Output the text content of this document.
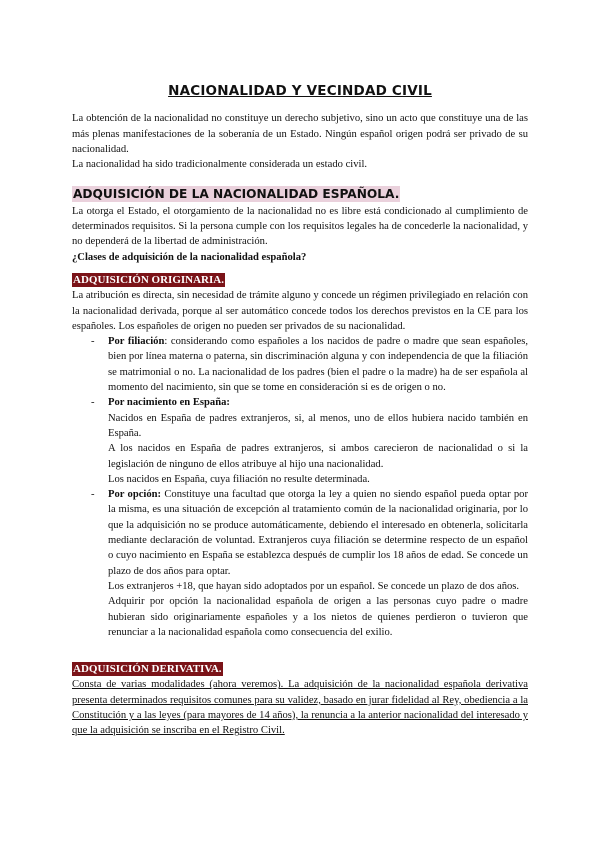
NACIONALIDAD Y VECINDAD CIVIL

La obtención de la nacionalidad no constituye un derecho subjetivo, sino un acto que constituye una de las más plenas manifestaciones de la soberanía de un Estado. Ningún español origen podrá ser privado de su nacionalidad.

La nacionalidad ha sido tradicionalmente considerada un estado civil.

ADQUISICIÓN DE LA NACIONALIDAD ESPAÑOLA.

La otorga el Estado, el otorgamiento de la nacionalidad no es libre está condicionado al cumplimiento de determinados requisitos. Si la persona cumple con los requisitos legales ha de concederle la nacionalidad, y no dependerá de la libertad de administración.

¿Clases de adquisición de la nacionalidad española?

ADQUISICIÓN ORIGINARIA.

La atribución es directa, sin necesidad de trámite alguno y concede un régimen privilegiado en relación con la nacionalidad derivada, porque al ser automático concede todos los derechos previstos en la CE para los españoles. Los españoles de origen no pueden ser privados de su nacionalidad.

- Por filiación: considerando como españoles a los nacidos de padre o madre que sean españoles, bien por línea materna o paterna, sin discriminación alguna y con independencia de que la filiación se matrimonial o no. La nacionalidad de los padres (bien el padre o la madre) ha de ser española al momento del nacimiento, sin que se tome en consideración si es de origen o no.

- Por nacimiento en España:

Nacidos en España de padres extranjeros, si, al menos, uno de ellos hubiera nacido también en España.

A los nacidos en España de padres extranjeros, si ambos carecieron de nacionalidad o si la legislación de ninguno de ellos atribuye al hijo una nacionalidad.

Los nacidos en España, cuya filiación no resulte determinada.

- Por opción: Constituye una facultad que otorga la ley a quien no siendo español pueda optar por la misma, es una situación de excepción al tratamiento común de la nacionalidad originaria, por lo que la adquisición no se produce automáticamente, debiendo el interesado en obtenerla, solicitarla mediante declaración de voluntad. Extranjeros cuya filiación se determine respecto de un español o cuyo nacimiento en España se establezca después de cumplir los 18 años de edad. Se concede un plazo de dos años para optar.

Los extranjeros +18, que hayan sido adoptados por un español. Se concede un plazo de dos años.

Adquirir por opción la nacionalidad española de origen a las personas cuyo padre o madre hubieran sido originariamente españoles y a los nietos de quienes perdieron o tuvieron que renunciar a la nacionalidad española como consecuencia del exilio.

ADQUISICIÓN DERIVATIVA.

Consta de varias modalidades (ahora veremos). La adquisición de la nacionalidad española derivativa presenta determinados requisitos comunes para su validez, basado en jurar fidelidad al Rey, obediencia a la Constitución y a las leyes (para mayores de 14 años), la renuncia a la anterior nacionalidad del interesado y que la adquisición se inscriba en el Registro Civil.
